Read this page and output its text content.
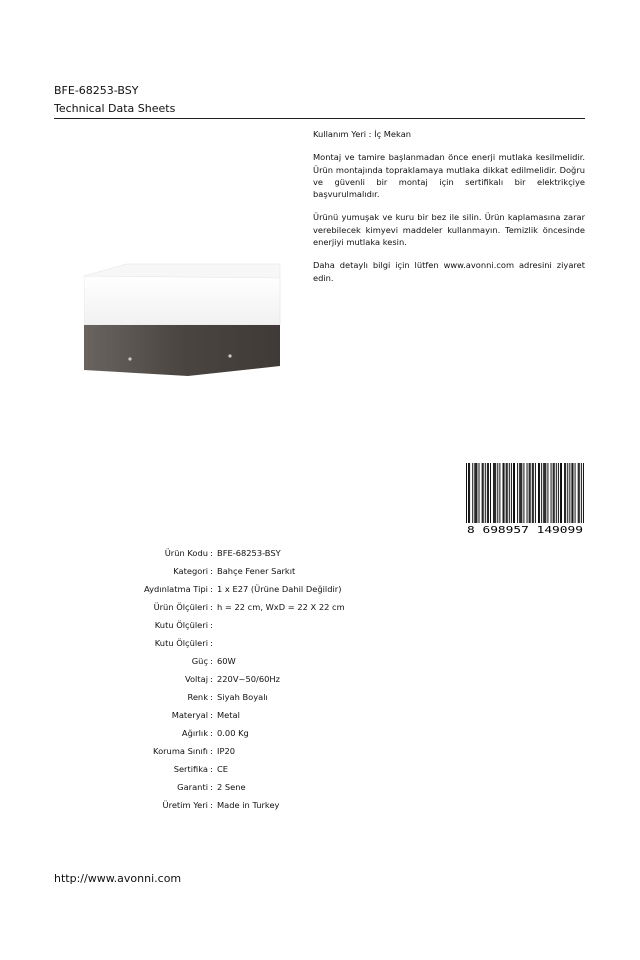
BFE-68253-BSY
Technical Data Sheets

Kullanım Yeri : İç Mekan

Montaj ve tamire başlanmadan önce enerji mutlaka kesilmelidir. Ürün montajında topraklamaya mutlaka dikkat edilmelidir. Doğru ve güvenli bir montaj için sertifikalı bir elektrikçiye başvurulmalıdır.

Ürünü yumuşak ve kuru bir bez ile silin. Ürün kaplamasına zarar verebilecek kimyevi maddeler kullanmayın. Temizlik öncesinde enerjiyi mutlaka kesin.

Daha detaylı bilgi için lütfen www.avonni.com adresini ziyaret edin.

8 698957 149099
Ürün Kodu : BFE-68253-BSY
Kategori : Bahçe Fener Sarkıt
Aydınlatma Tipi : 1 x E27 (Ürüne Dahil Değildir)
Ürün Ölçüleri : h = 22 cm, WxD = 22 X 22 cm
Kutu Ölçüleri :
Kutu Ölçüleri :
Güç : 60W
Voltaj : 220V~50/60Hz
Renk : Siyah Boyalı
Materyal : Metal
Ağırlık : 0.00 Kg
Koruma Sınıfı : IP20
Sertifika : CE
Garanti : 2 Sene
Üretim Yeri : Made in Turkey
http://www.avonni.com
